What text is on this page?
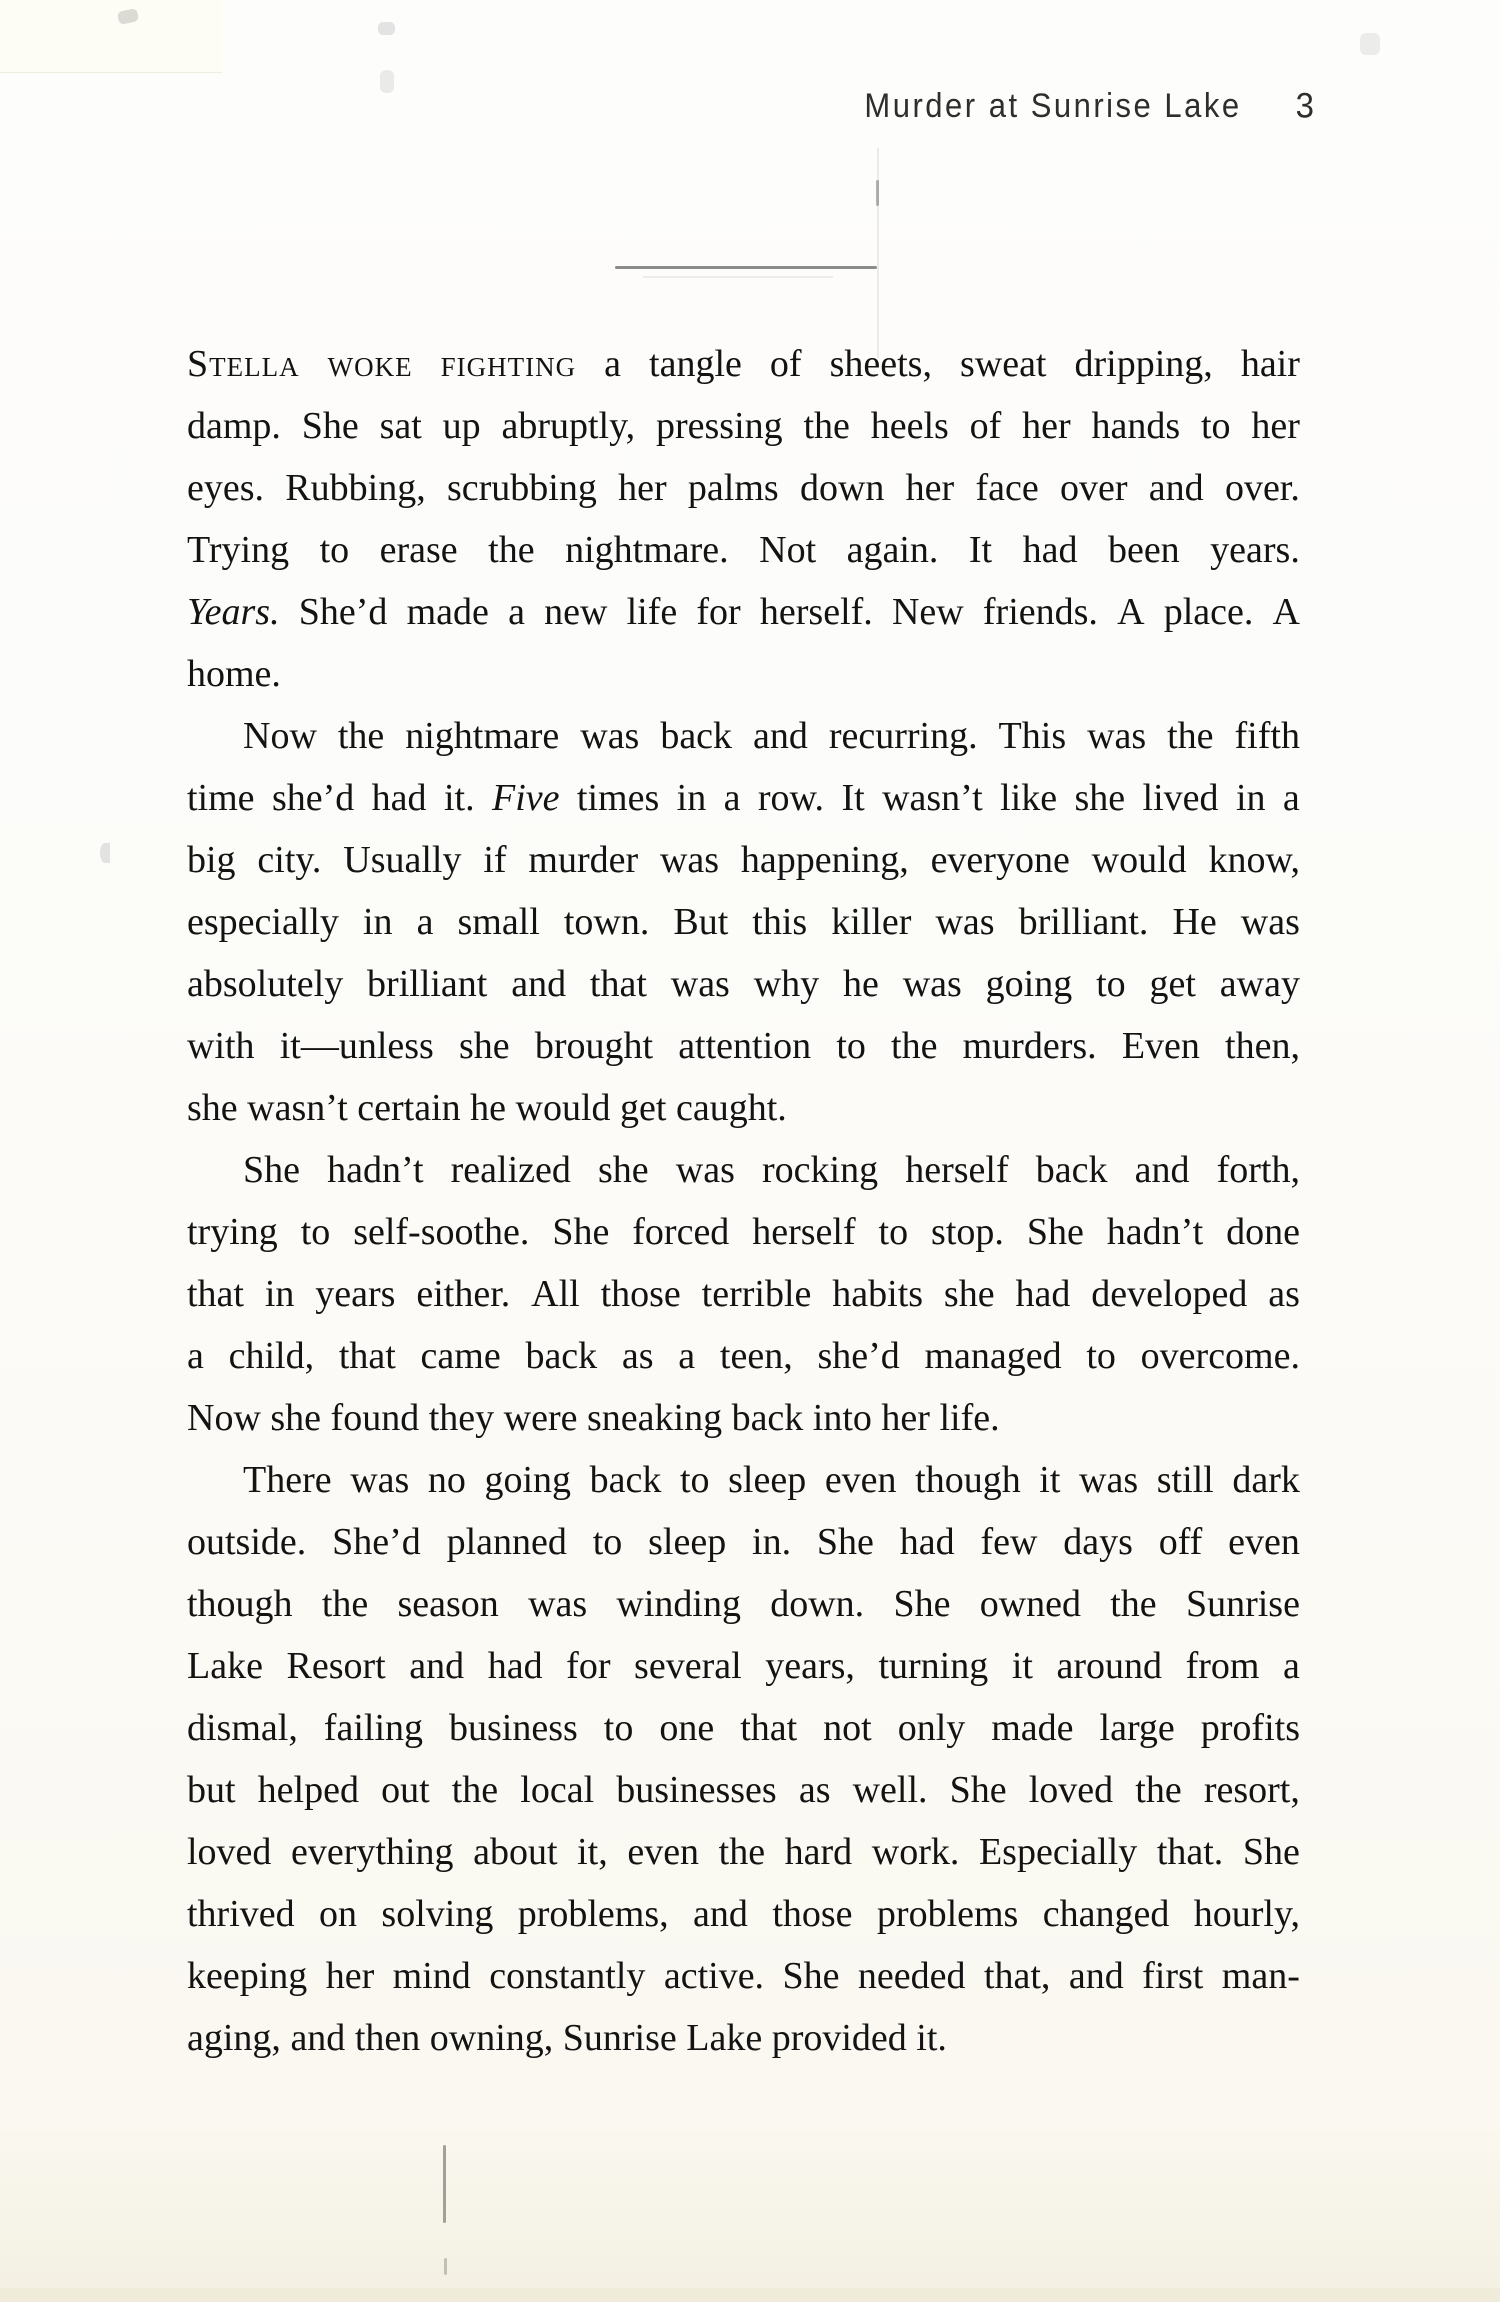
Murder at Sunrise Lake 3
Stella woke fighting a tangle of sheets, sweat dripping, hair
damp. She sat up abruptly, pressing the heels of her hands to her
eyes. Rubbing, scrubbing her palms down her face over and over.
Trying to erase the nightmare. Not again. It had been years.
Years. She’d made a new life for herself. New friends. A place. A
home.
Now the nightmare was back and recurring. This was the fifth
time she’d had it. Five times in a row. It wasn’t like she lived in a
big city. Usually if murder was happening, everyone would know,
especially in a small town. But this killer was brilliant. He was
absolutely brilliant and that was why he was going to get away
with it—unless she brought attention to the murders. Even then,
she wasn’t certain he would get caught.
She hadn’t realized she was rocking herself back and forth,
trying to self-soothe. She forced herself to stop. She hadn’t done
that in years either. All those terrible habits she had developed as
a child, that came back as a teen, she’d managed to overcome.
Now she found they were sneaking back into her life.
There was no going back to sleep even though it was still dark
outside. She’d planned to sleep in. She had few days off even
though the season was winding down. She owned the Sunrise
Lake Resort and had for several years, turning it around from a
dismal, failing business to one that not only made large profits
but helped out the local businesses as well. She loved the resort,
loved everything about it, even the hard work. Especially that. She
thrived on solving problems, and those problems changed hourly,
keeping her mind constantly active. She needed that, and first man-
aging, and then owning, Sunrise Lake provided it.
